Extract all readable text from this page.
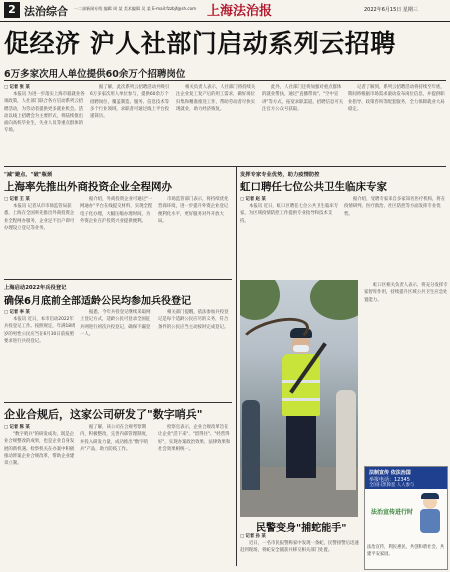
2 法治综合 一二部新闻专线 编辑 周 某 美术编辑 吴 某 E-mail:fzzbjf@sh.com 上海法治报	2022年6月15日 星期三
促经济 沪人社部门启动系列云招聘
6万多家次用人单位提供60余万个招聘岗位
□ 记者 张 某

本报讯 为进一步落实上海市稳就业各项政策，人社部门联合各方启动系列云招聘活动，为劳动者提供更多就业机会。活动以线上招聘会为主要形式，将陆续推出面向高校毕业生、失业人员等重点群体的专场。

据了解，此次系列云招聘活动共吸引6万多家次用人单位参与，提供60余万个招聘岗位，覆盖制造、服务、信息技术等多个行业领域，求职者可通过线上平台投递简历。

相关负责人表示，人社部门将持续关注企业复工复产后的用工需求，做好岗位归集和精准推送工作，帮助劳动者尽快实现就业，助力经济恢复。

此外，人社部门还将加强对重点群体的就业帮扶，通过"直播带岗"、"空中宣讲"等方式，拓宽求职渠道。招聘信息可关注官方公众号获取。

记者了解到，系列云招聘活动将持续至年底，期间将根据市场需求滚动发布岗位信息，并提供职业指导、政策咨询等配套服务，全力保障就业大局稳定。

"减"避点、"破"瓶颈
上海率先推出外商投资企业全程网办
□ 记者 王 某

本报讯 记者从市市场监管局获悉，上海在全国率先推出外商投资企业全程网办服务，企业足不出户即可办理设立登记等业务。

据介绍，外商投资企业可通过"一网通办"平台在线提交材料，实现全程电子化办理，大幅压缩办理时间，为外资企业在沪投资兴业提供便利。

市场监管部门表示，将持续优化营商环境，进一步提升外资企业登记便利化水平，更好服务对外开放大局。

上海启动2022年兵役登记
确保6月底前全部适龄公民均参加兵役登记
□ 记者 李 某

本报讯 近日，本市启动2022年兵役登记工作。按照规定，年满18周岁的男性公民应当在6月30日前按照要求进行兵役登记。

据悉，今年兵役登记继续采取网上登记方式，适龄公民可登录全国征兵网进行初次兵役登记，确保不漏登一人。

相关部门提醒，依法参加兵役登记是每个适龄公民应尽的义务，符合条件的公民应当主动按时完成登记。

企业合规后，这家公司研发了"数字哨兵"
□ 记者 陈 某

"数字哨兵"的研发成功，既是企业合规整改的成果，也是企业自身发展的新机遇。检察机关在办案中积极推动涉案企业合规改革，帮助企业建章立制。

据了解，该公司在合规考察期内，积极整改，完善内部管理制度，并投入研发力量，成功推出"数字哨兵"产品，助力防疫工作。

检察官表示，企业合规改革旨在让企业"活下来"、"留得住"、"经营得好"，实现办案政治效果、法律效果和社会效果相统一。

发挥专家专业优势，助力疫情防控
虹口聘任七位公共卫生临床专家
□ 记者 赵 某

本报讯 近日，虹口区聘任七位公共卫生临床专家，为区域疫情防控工作提供专业指导和技术支持。

据介绍，受聘专家来自多家知名医疗机构，将在疫情研判、医疗救治、社区防控等方面发挥专业优势。

民警变身"捕蛇能手"
□ 记者 孙 某

近日，一名市民报警称家中发现一条蛇，民警接警后迅速赶到现场，将蛇安全捕获并移交相关部门处置。

虹口区相关负责人表示，将充分发挥专家智库作用，持续提升区域公共卫生应急处置能力。

法制宣传 依法治国
举报电话：12345
全国扫黑除恶 人人参与
法治宣传进行时
法治宣传，利民惠民，共创和谐社会，共建平安家园。
